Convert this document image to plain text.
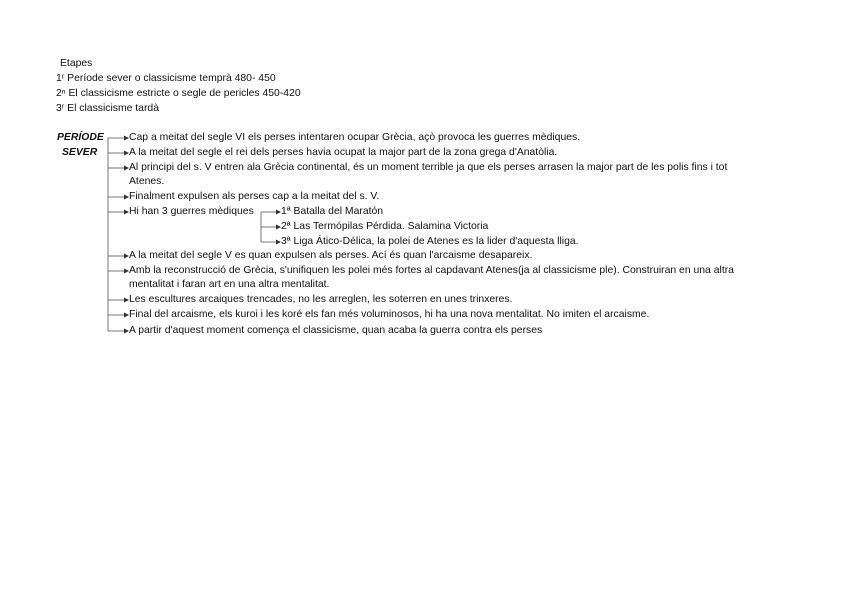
Etapes
1ʳ Període sever o classicisme temprà 480- 450
2ⁿ El classicisme estricte o segle de pericles 450-420
3ʳ El classicisme tardà
PERÍODE
SEVER
Cap a meitat del segle VI els perses intentaren ocupar Grècia, açò provoca les guerres mèdiques.
A la meitat del segle el rei dels perses havia ocupat la major part de la zona grega d'Anatòlia.
Al principi del s. V entren ala Grècia continental, és un moment terrible ja que els perses arrasen la major part de les polis fins i tot
Atenes.
Finalment expulsen als perses cap a la meitat del s. V.
Hi han 3 guerres mèdiques	1ª Batalla del Maratón
2ª Las Termópilas Pérdida. Salamina Victoria
3ª Liga Ático-Délica, la polei de Atenes es la lider d'aquesta lliga.
A la meitat del segle V es quan expulsen als perses. Ací és quan l'arcaisme desapareix.
Amb la reconstrucció de Grècia, s'unifiquen les polei més fortes al capdavant Atenes(ja al classicisme ple). Construiran en una altra
mentalitat i faran art en una altra mentalitat.
Les escultures arcaiques trencades, no les arreglen, les soterren en unes trinxeres.
Final del arcaisme, els kuroi i les koré els fan més voluminosos, hi ha una nova mentalitat. No imiten el arcaisme.
A partir d'aquest moment comença el classicisme, quan acaba la guerra contra els perses
